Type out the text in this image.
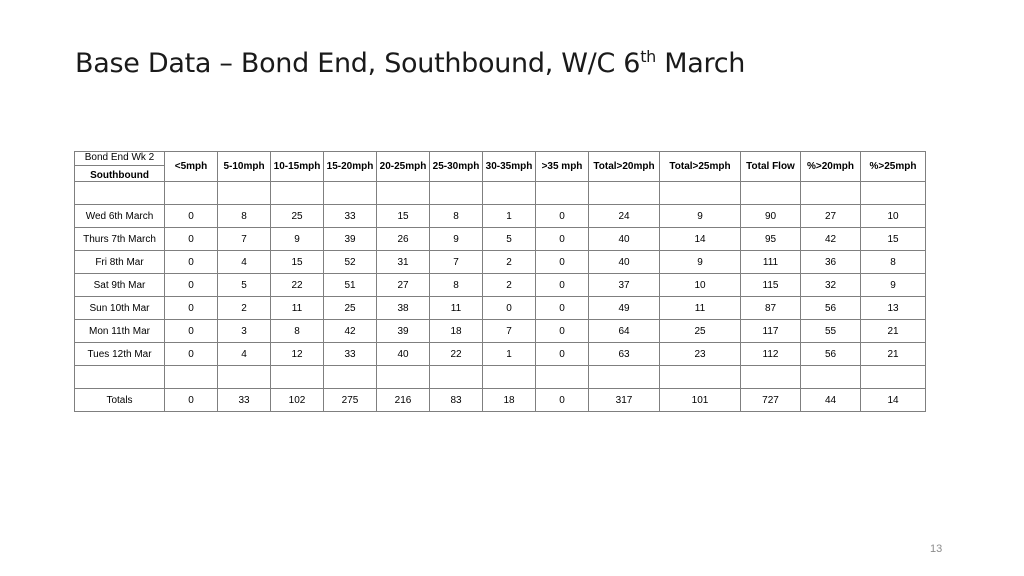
Base Data – Bond End, Southbound, W/C 6th March
Bond End Wk 2
Southbound	<5mph	5-10mph	10-15mph	15-20mph	20-25mph	25-30mph	30-35mph	>35 mph	Total>20mph	Total>25mph	Total Flow	%>20mph	%>25mph

Wed 6th March	0	8	25	33	15	8	1	0	24	9	90	27	10
Thurs 7th March	0	7	9	39	26	9	5	0	40	14	95	42	15
Fri 8th Mar	0	4	15	52	31	7	2	0	40	9	111	36	8
Sat 9th Mar	0	5	22	51	27	8	2	0	37	10	115	32	9
Sun 10th Mar	0	2	11	25	38	11	0	0	49	11	87	56	13
Mon 11th Mar	0	3	8	42	39	18	7	0	64	25	117	55	21
Tues 12th Mar	0	4	12	33	40	22	1	0	63	23	112	56	21

Totals	0	33	102	275	216	83	18	0	317	101	727	44	14
13
